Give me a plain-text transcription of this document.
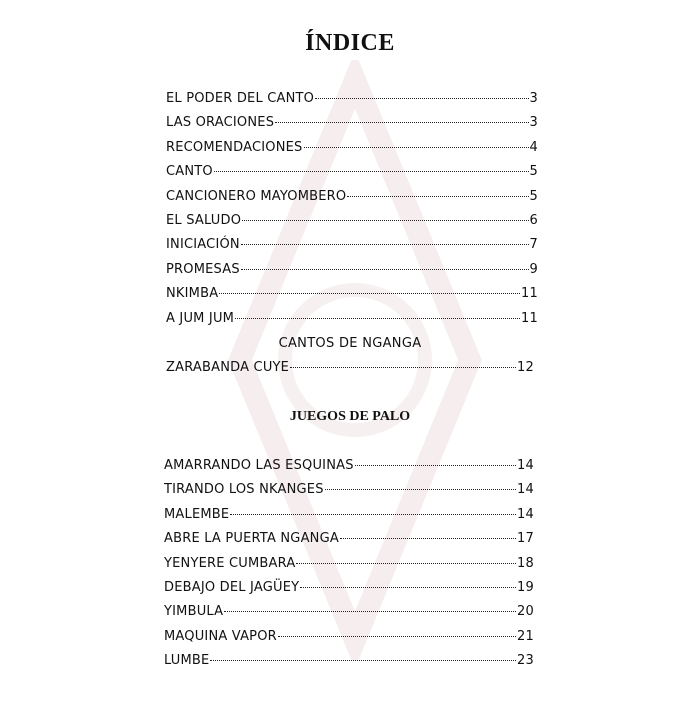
ÍNDICE
CANTOS DE NGANGA
JUEGOS DE PALO
EL PODER DEL CANTO	3
LAS ORACIONES	3
RECOMENDACIONES	4
CANTO	5
CANCIONERO MAYOMBERO	5
EL SALUDO	6
INICIACIÓN	7
PROMESAS	9
NKIMBA	11
A JUM JUM	11
ZARABANDA CUYE	12
AMARRANDO LAS ESQUINAS	14
TIRANDO LOS NKANGES	14
MALEMBE	14
ABRE LA PUERTA NGANGA	17
YENYERE CUMBARA	18
DEBAJO DEL JAGÜEY	19
YIMBULA	20
MAQUINA VAPOR	21
LUMBE	23
